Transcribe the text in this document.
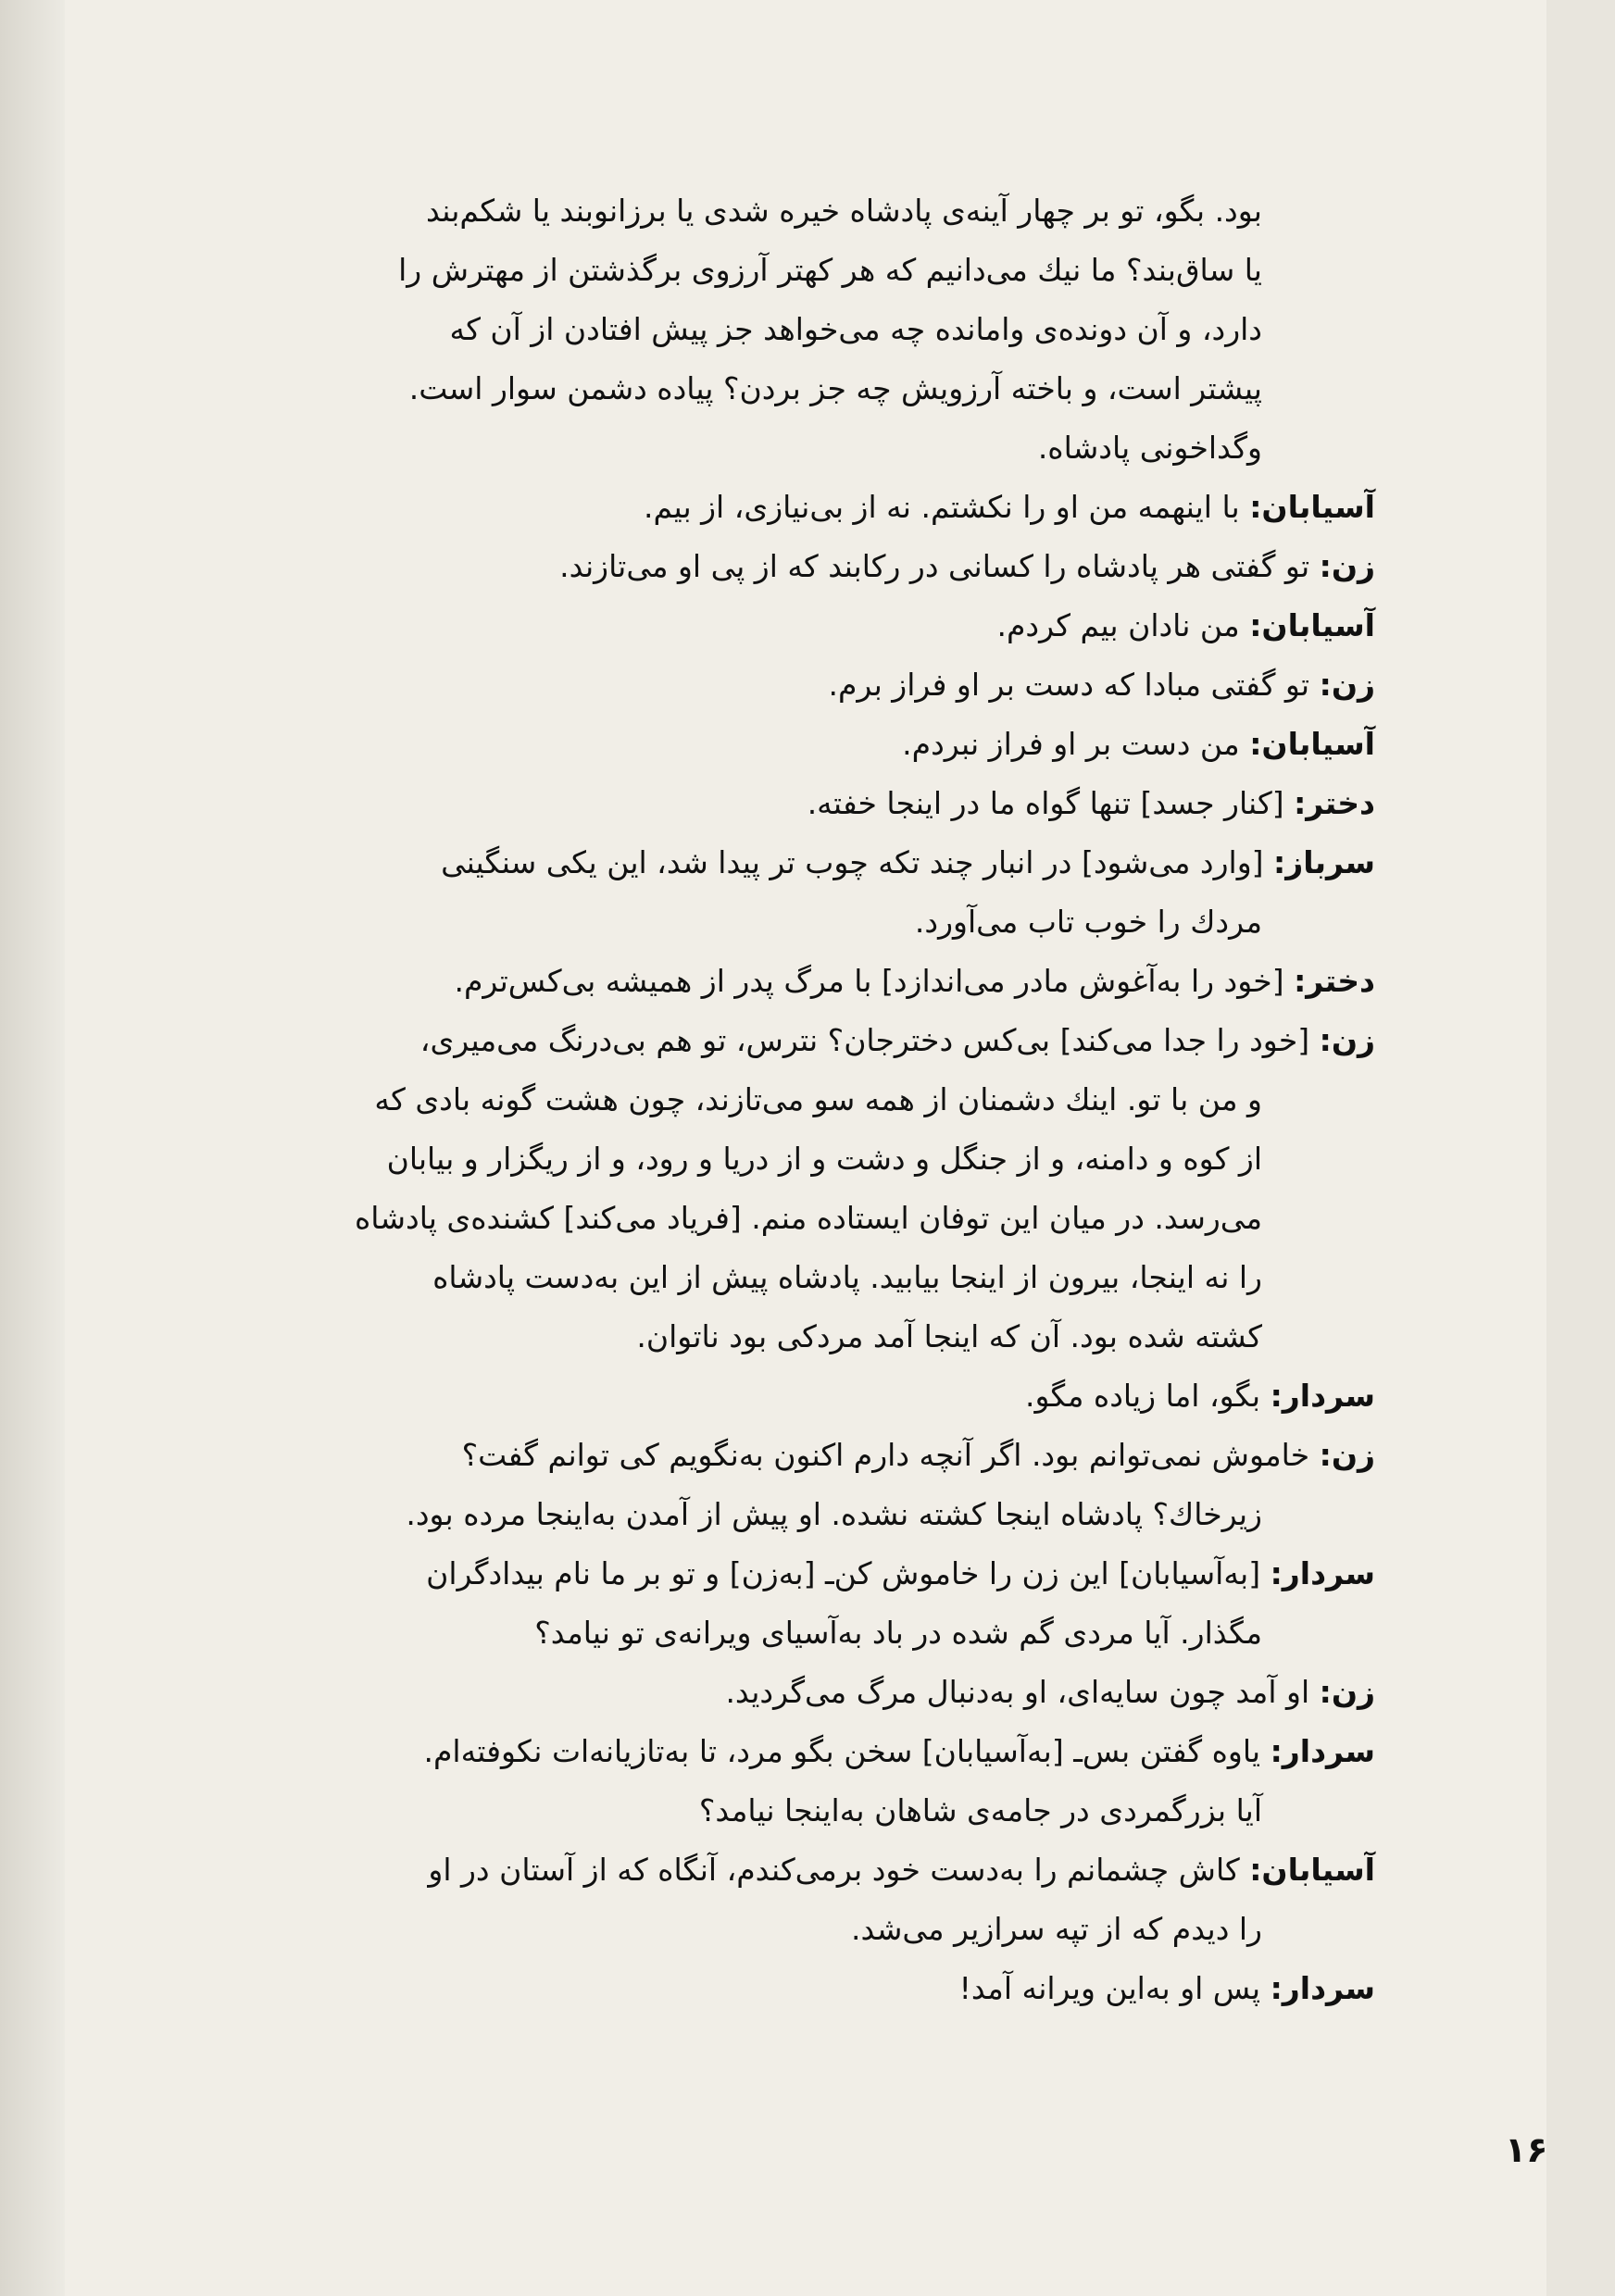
بود. بگو، تو بر چهار آینه‌ی پادشاه خیره شدی یا برزانوبند یا شکم‌بند
یا ساق‌بند؟ ما نیك می‌دانیم که هر کهتر آرزوی برگذشتن از مهترش را
دارد، و آن دونده‌ی وامانده چه می‌خواهد جز پیش افتادن از آن که
پیشتر است، و باخته آرزویش چه جز بردن؟ پیاده دشمن سوار است.
وگداخونی پادشاه.
آسیابان: با اینهمه من او را نکشتم. نه از بی‌نیازی، از بیم.
زن: تو گفتی هر پادشاه را کسانی در رکابند که از پی او می‌تازند.
آسیابان: من نادان بیم کردم.
زن: تو گفتی مبادا که دست بر او فراز برم.
آسیابان: من دست بر او فراز نبردم.
دختر: [کنار جسد] تنها گواه ما در اینجا خفته.
سرباز: [وارد می‌شود] در انبار چند تکه چوب تر پیدا شد، این یکی سنگینی
مردك را خوب تاب می‌آورد.
دختر: [خود را به‌آغوش مادر می‌اندازد] با مرگ پدر از همیشه بی‌کس‌ترم.
زن: [خود را جدا می‌کند] بی‌کس دخترجان؟ نترس، تو هم بی‌درنگ می‌میری،
و من با تو. اینك دشمنان از همه سو می‌تازند، چون هشت گونه بادی که
از کوه و دامنه، و از جنگل و دشت و از دریا و رود، و از ریگزار و بیابان
می‌رسد. در میان این توفان ایستاده منم. [فریاد می‌کند] کشنده‌ی پادشاه
را نه اینجا، بیرون از اینجا بیابید. پادشاه پیش از این به‌دست پادشاه
کشته شده بود. آن که اینجا آمد مردکی بود ناتوان.
سردار: بگو، اما زیاده مگو.
زن: خاموش نمی‌توانم بود. اگر آنچه دارم اکنون به‌نگویم کی توانم گفت؟
زیرخاك؟ پادشاه اینجا کشته نشده. او پیش از آمدن به‌اینجا مرده بود.
سردار: [به‌آسیابان] این زن را خاموش کن‌ـ [به‌زن] و تو بر ما نام بیدادگران
مگذار. آیا مردی گم شده در باد به‌آسیای ویرانه‌ی تو نیامد؟
زن: او آمد چون سایه‌ای، او به‌دنبال مرگ می‌گردید.
سردار: یاوه گفتن بس‌ـ [به‌آسیابان] سخن بگو مرد، تا به‌تازیانه‌ات نکوفته‌ام.
آیا بزرگمردی در جامه‌ی شاهان به‌اینجا نیامد؟
آسیابان: کاش چشمانم را به‌دست خود برمی‌کندم، آنگاه که از آستان در او
را دیدم که از تپه سرازیر می‌شد.
سردار: پس او به‌این ویرانه آمد!
۱۶
